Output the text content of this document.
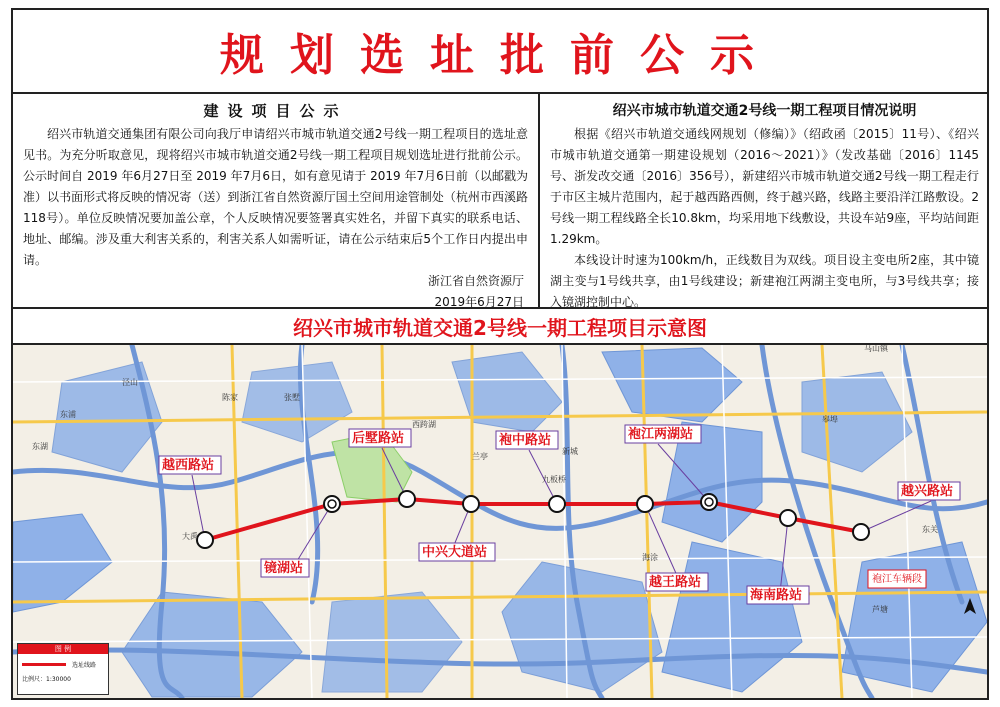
规划选址批前公示
建设项目公示

绍兴市轨道交通集团有限公司向我厅申请绍兴市城市轨道交通2号线一期工程项目的选址意见书。为充分听取意见，现将绍兴市城市轨道交通2号线一期工程项目规划选址进行批前公示。公示时间自 2019 年6月27日至 2019 年7月6日，如有意见请于 2019 年7月6日前（以邮戳为准）以书面形式将反映的情况寄（送）到浙江省自然资源厅国土空间用途管制处（杭州市西溪路118号）。单位反映情况要加盖公章，个人反映情况要签署真实姓名，并留下真实的联系电话、地址、邮编。涉及重大利害关系的，利害关系人如需听证，请在公示结束后5个工作日内提出申请。

浙江省自然资源厅
2019年6月27日
绍兴市城市轨道交通2号线一期工程项目情况说明

根据《绍兴市轨道交通线网规划（修编）》（绍政函〔2015〕11号）、《绍兴市城市轨道交通第一期建设规划（2016～2021）》（发改基础〔2016〕1145号、浙发改交通〔2016〕356号），新建绍兴市城市轨道交通2号线一期工程走行于市区主城片范围内，起于越西路西侧，终于越兴路，线路主要沿洋江路敷设。2号线一期工程线路全长10.8km，均采用地下线敷设，共设车站9座，平均站间距1.29km。

本线设计时速为100km/h，正线数目为双线。项目设主变电所2座，其中镜湖主变与1号线共享，由1号线建设；新建袍江两湖主变电所，与3号线共享；接入镜湖控制中心。

绍兴市城市轨道交通2号线一期工程项目示意图
越西路站
镜湖站
后墅路站
中兴大道站
袍中路站
越王路站
袍江两湖站
海南路站
越兴路站
大禹
东浦
东湖
泾山
陈家
西跨湖
张墅
兰亭
九板桥
新城
海涂
芦塘
马山镇
皋埠
东关
袍江车辆段
图 例
选址线路
比例尺：1:30000
